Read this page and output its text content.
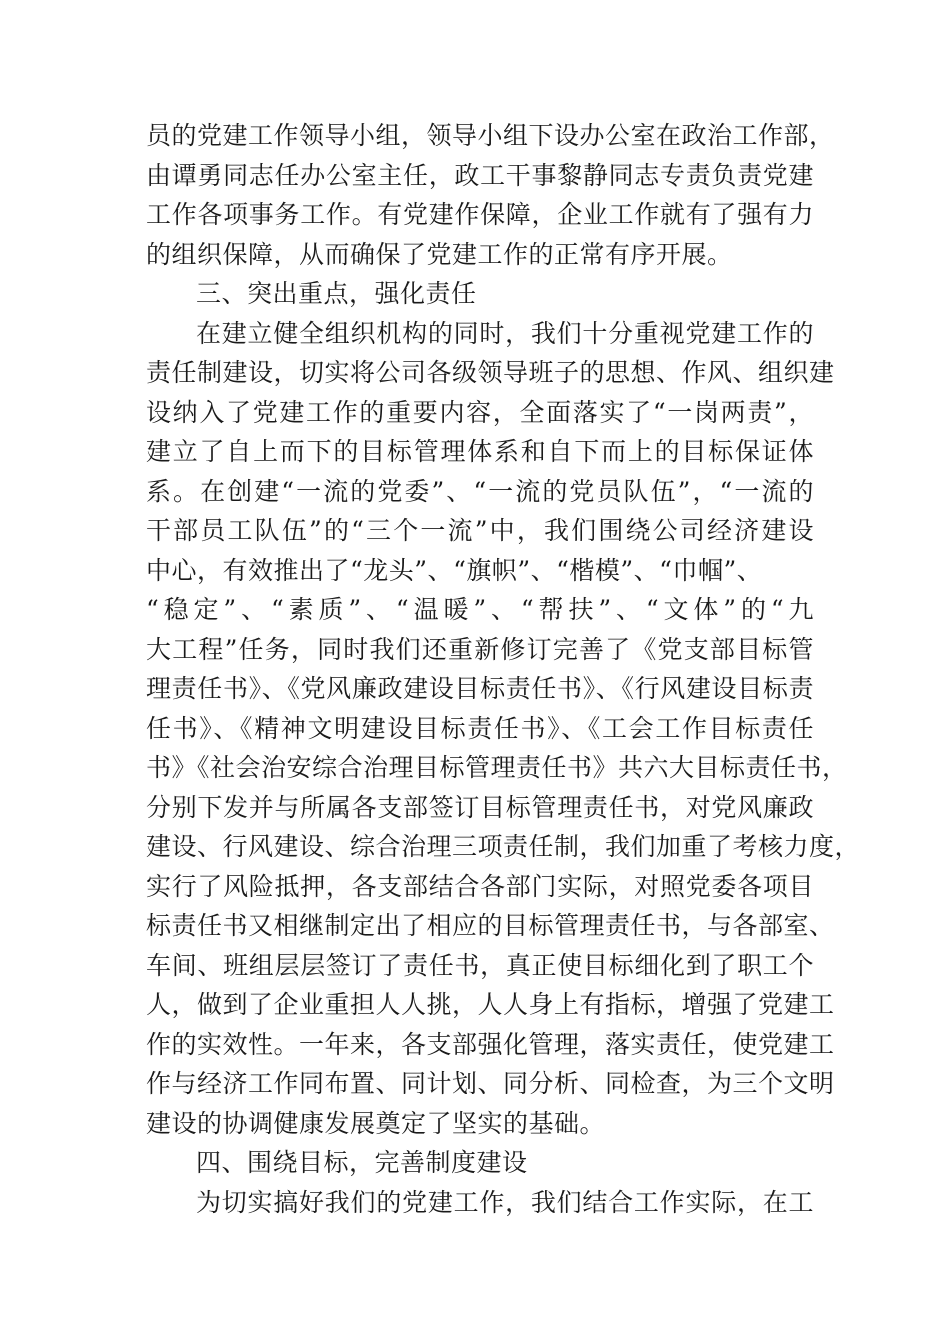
员的党建工作领导小组，领导小组下设办公室在政治工作部，
由谭勇同志任办公室主任，政工干事黎静同志专责负责党建
工作各项事务工作。有党建作保障，企业工作就有了强有力
的组织保障，从而确保了党建工作的正常有序开展。
三、突出重点，强化责任
在建立健全组织机构的同时，我们十分重视党建工作的
责任制建设，切实将公司各级领导班子的思想、作风、组织建
设纳入了党建工作的重要内容，全面落实了“一岗两责”，
建立了自上而下的目标管理体系和自下而上的目标保证体
系。在创建“一流的党委”、“一流的党员队伍”，“一流的
干部员工队伍”的“三个一流”中，我们围绕公司经济建设
中心，有效推出了“龙头”、“旗帜”、“楷模”、“巾帼”、
“稳定”、“素质”、“温暖”、“帮扶”、“文体”的“九
大工程”任务，同时我们还重新修订完善了《党支部目标管
理责任书》、《党风廉政建设目标责任书》、《行风建设目标责
任书》、《精神文明建设目标责任书》、《工会工作目标责任
书》《社会治安综合治理目标管理责任书》共六大目标责任书，
分别下发并与所属各支部签订目标管理责任书，对党风廉政
建设、行风建设、综合治理三项责任制，我们加重了考核力度，
实行了风险抵押，各支部结合各部门实际，对照党委各项目
标责任书又相继制定出了相应的目标管理责任书，与各部室、
车间、班组层层签订了责任书，真正使目标细化到了职工个
人，做到了企业重担人人挑，人人身上有指标，增强了党建工
作的实效性。一年来，各支部强化管理，落实责任，使党建工
作与经济工作同布置、同计划、同分析、同检查，为三个文明
建设的协调健康发展奠定了坚实的基础。
四、围绕目标，完善制度建设
为切实搞好我们的党建工作，我们结合工作实际，在工
